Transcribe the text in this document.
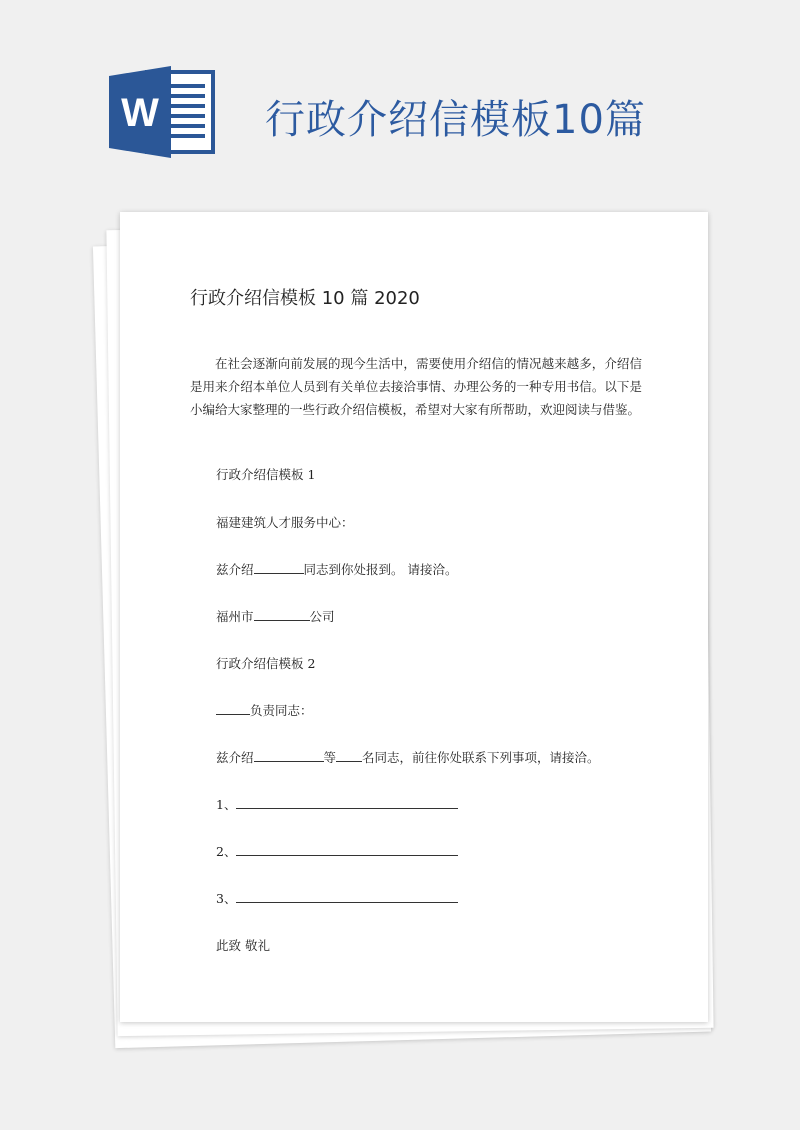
W	行政介绍信模板10篇
行政介绍信模板 10 篇 2020

在社会逐渐向前发展的现今生活中，需要使用介绍信的情况越来越多，介绍信是用来介绍本单位人员到有关单位去接洽事情、办理公务的一种专用书信。以下是小编给大家整理的一些行政介绍信模板，希望对大家有所帮助，欢迎阅读与借鉴。

行政介绍信模板 1
福建建筑人才服务中心：
兹介绍	同志到你处报到。 请接洽。
福州市	公司
行政介绍信模板 2
负责同志：
兹介绍	等 名同志，前往你处联系下列事项，请接洽。
1、
2、
3、
此致 敬礼
